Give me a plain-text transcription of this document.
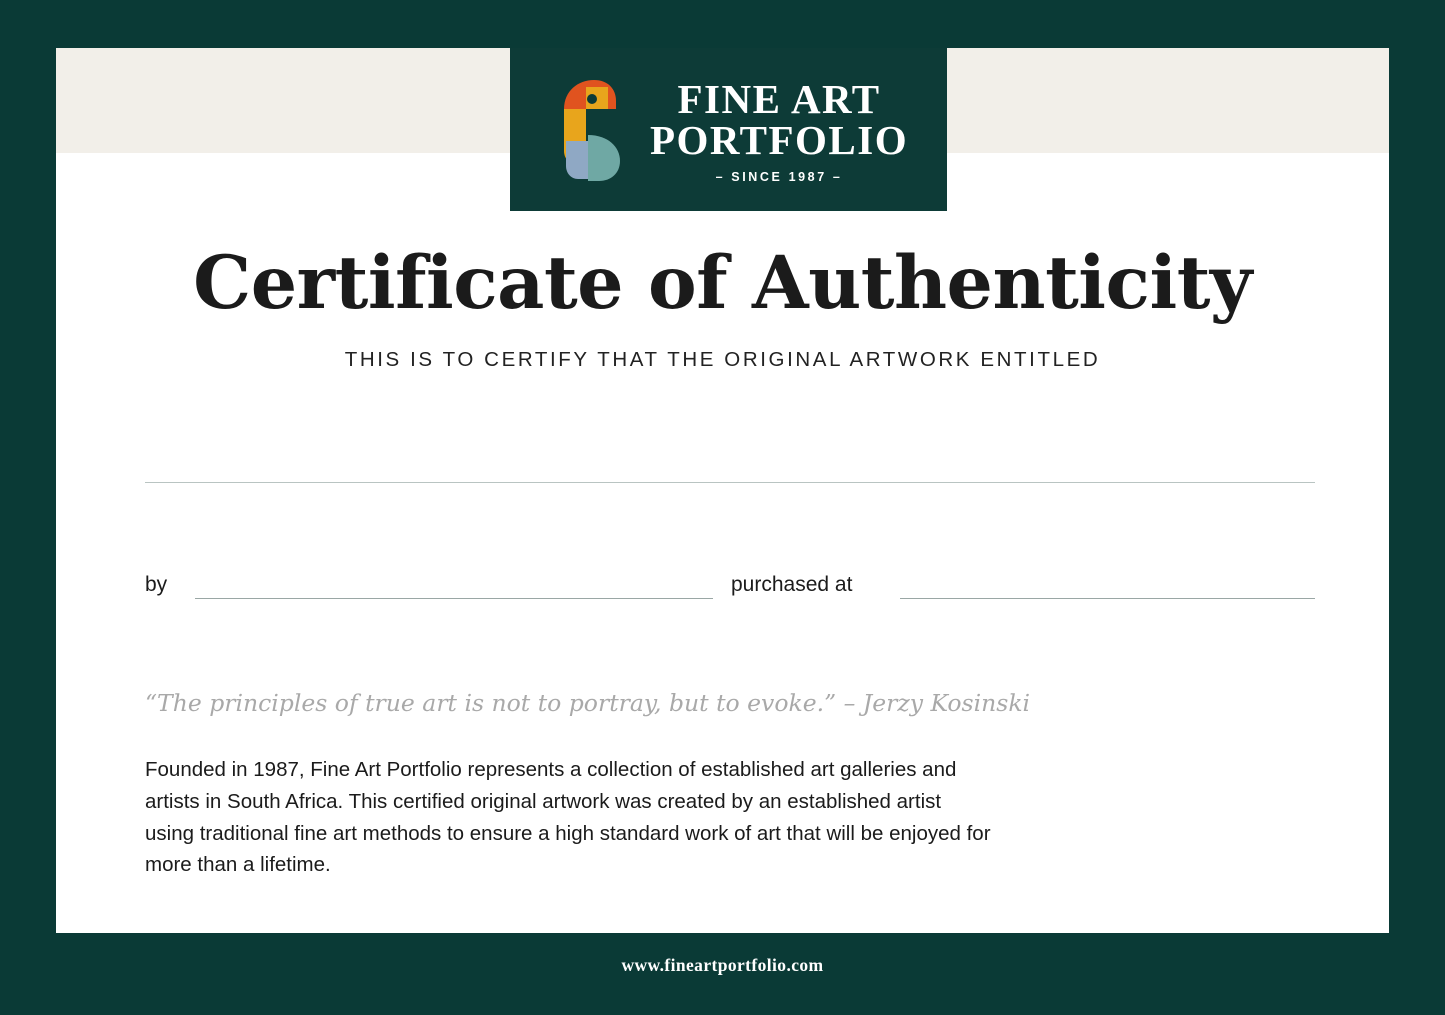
FINE ART
PORTFOLIO
– SINCE 1987 –
Certificate of Authenticity
THIS IS TO CERTIFY THAT THE ORIGINAL ARTWORK ENTITLED
by	purchased at
“The principles of true art is not to portray, but to evoke.” – Jerzy Kosinski
Founded in 1987, Fine Art Portfolio represents a collection of established art galleries and artists in South Africa. This certified original artwork was created by an established artist using traditional fine art methods to ensure a high standard work of art that will be enjoyed for more than a lifetime.
www.fineartportfolio.com
